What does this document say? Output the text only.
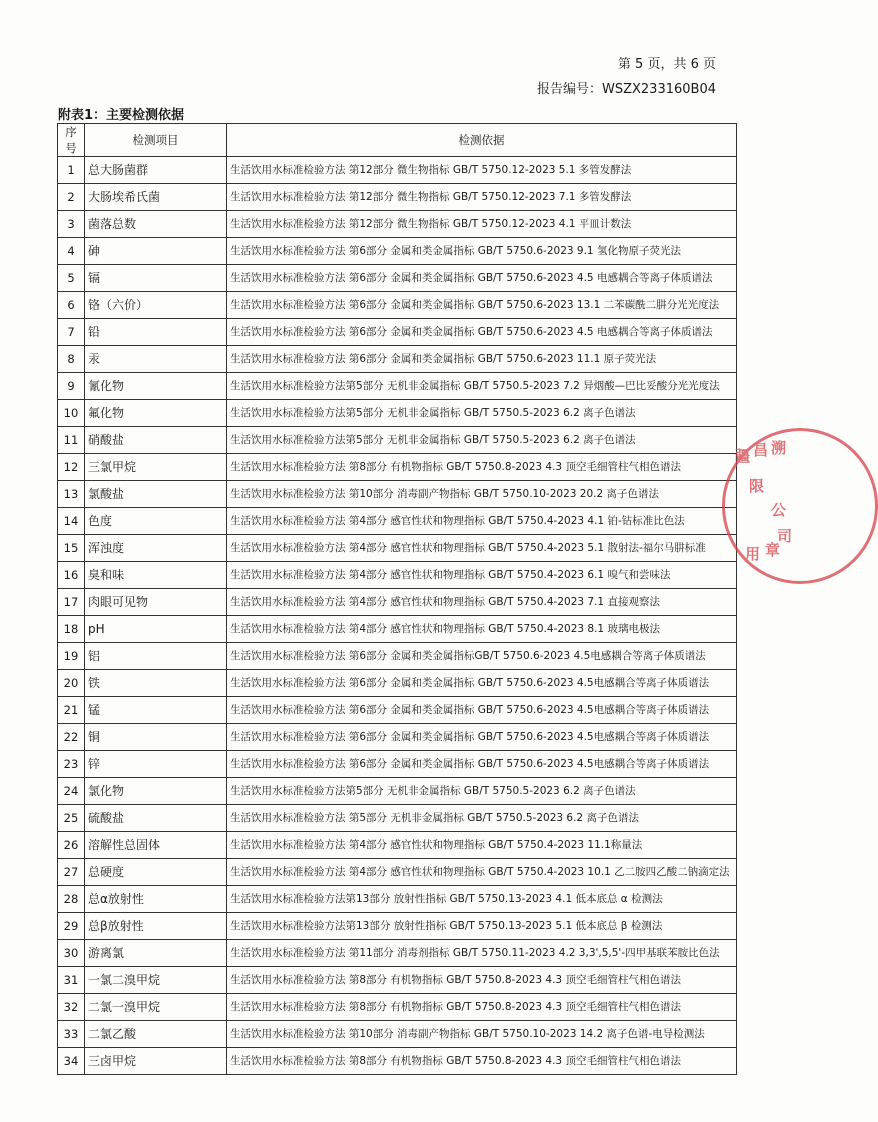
第 5 页，共 6 页
报告编号：WSZX233160B04
附表1：主要检测依据
序号	检测项目	检测依据
1	总大肠菌群	生活饮用水标准检验方法 第12部分 微生物指标 GB/T 5750.12-2023 5.1 多管发酵法
2	大肠埃希氏菌	生活饮用水标准检验方法 第12部分 微生物指标 GB/T 5750.12-2023 7.1 多管发酵法
3	菌落总数	生活饮用水标准检验方法 第12部分 微生物指标 GB/T 5750.12-2023 4.1 平皿计数法
4	砷	生活饮用水标准检验方法 第6部分 金属和类金属指标 GB/T 5750.6-2023 9.1 氢化物原子荧光法
5	镉	生活饮用水标准检验方法 第6部分 金属和类金属指标 GB/T 5750.6-2023 4.5 电感耦合等离子体质谱法
6	铬（六价）	生活饮用水标准检验方法 第6部分 金属和类金属指标 GB/T 5750.6-2023 13.1 二苯碳酰二肼分光光度法
7	铅	生活饮用水标准检验方法 第6部分 金属和类金属指标 GB/T 5750.6-2023 4.5 电感耦合等离子体质谱法
8	汞	生活饮用水标准检验方法 第6部分 金属和类金属指标 GB/T 5750.6-2023 11.1 原子荧光法
9	氰化物	生活饮用水标准检验方法第5部分 无机非金属指标 GB/T 5750.5-2023 7.2 异烟酸—巴比妥酸分光光度法
10	氟化物	生活饮用水标准检验方法第5部分 无机非金属指标 GB/T 5750.5-2023 6.2 离子色谱法
11	硝酸盐	生活饮用水标准检验方法第5部分 无机非金属指标 GB/T 5750.5-2023 6.2 离子色谱法
12	三氯甲烷	生活饮用水标准检验方法 第8部分 有机物指标 GB/T 5750.8-2023 4.3 顶空毛细管柱气相色谱法
13	氯酸盐	生活饮用水标准检验方法 第10部分 消毒副产物指标 GB/T 5750.10-2023 20.2 离子色谱法
14	色度	生活饮用水标准检验方法 第4部分 感官性状和物理指标 GB/T 5750.4-2023 4.1 铂-钴标准比色法
15	浑浊度	生活饮用水标准检验方法 第4部分 感官性状和物理指标 GB/T 5750.4-2023 5.1 散射法-福尔马肼标准
16	臭和味	生活饮用水标准检验方法 第4部分 感官性状和物理指标 GB/T 5750.4-2023 6.1 嗅气和尝味法
17	肉眼可见物	生活饮用水标准检验方法 第4部分 感官性状和物理指标 GB/T 5750.4-2023 7.1 直接观察法
18	pH	生活饮用水标准检验方法 第4部分 感官性状和物理指标 GB/T 5750.4-2023 8.1 玻璃电极法
19	铝	生活饮用水标准检验方法 第6部分 金属和类金属指标GB/T 5750.6-2023 4.5电感耦合等离子体质谱法
20	铁	生活饮用水标准检验方法 第6部分 金属和类金属指标 GB/T 5750.6-2023 4.5电感耦合等离子体质谱法
21	锰	生活饮用水标准检验方法 第6部分 金属和类金属指标 GB/T 5750.6-2023 4.5电感耦合等离子体质谱法
22	铜	生活饮用水标准检验方法 第6部分 金属和类金属指标 GB/T 5750.6-2023 4.5电感耦合等离子体质谱法
23	锌	生活饮用水标准检验方法 第6部分 金属和类金属指标 GB/T 5750.6-2023 4.5电感耦合等离子体质谱法
24	氯化物	生活饮用水标准检验方法第5部分 无机非金属指标 GB/T 5750.5-2023 6.2 离子色谱法
25	硫酸盐	生活饮用水标准检验方法 第5部分 无机非金属指标 GB/T 5750.5-2023 6.2 离子色谱法
26	溶解性总固体	生活饮用水标准检验方法 第4部分 感官性状和物理指标 GB/T 5750.4-2023 11.1称量法
27	总硬度	生活饮用水标准检验方法 第4部分 感官性状和物理指标 GB/T 5750.4-2023 10.1 乙二胺四乙酸二钠滴定法
28	总α放射性	生活饮用水标准检验方法第13部分 放射性指标 GB/T 5750.13-2023 4.1 低本底总 α 检测法
29	总β放射性	生活饮用水标准检验方法第13部分 放射性指标 GB/T 5750.13-2023 5.1 低本底总 β 检测法
30	游离氯	生活饮用水标准检验方法 第11部分 消毒剂指标 GB/T 5750.11-2023 4.2 3,3',5,5'-四甲基联苯胺比色法
31	一氯二溴甲烷	生活饮用水标准检验方法 第8部分 有机物指标 GB/T 5750.8-2023 4.3 顶空毛细管柱气相色谱法
32	二氯一溴甲烷	生活饮用水标准检验方法 第8部分 有机物指标 GB/T 5750.8-2023 4.3 顶空毛细管柱气相色谱法
33	二氯乙酸	生活饮用水标准检验方法 第10部分 消毒副产物指标 GB/T 5750.10-2023 14.2 离子色谱-电导检测法
34	三卤甲烷	生活饮用水标准检验方法 第8部分 有机物指标 GB/T 5750.8-2023 4.3 顶空毛细管柱气相色谱法
疆 昌 溯
限
公
司
用 章
